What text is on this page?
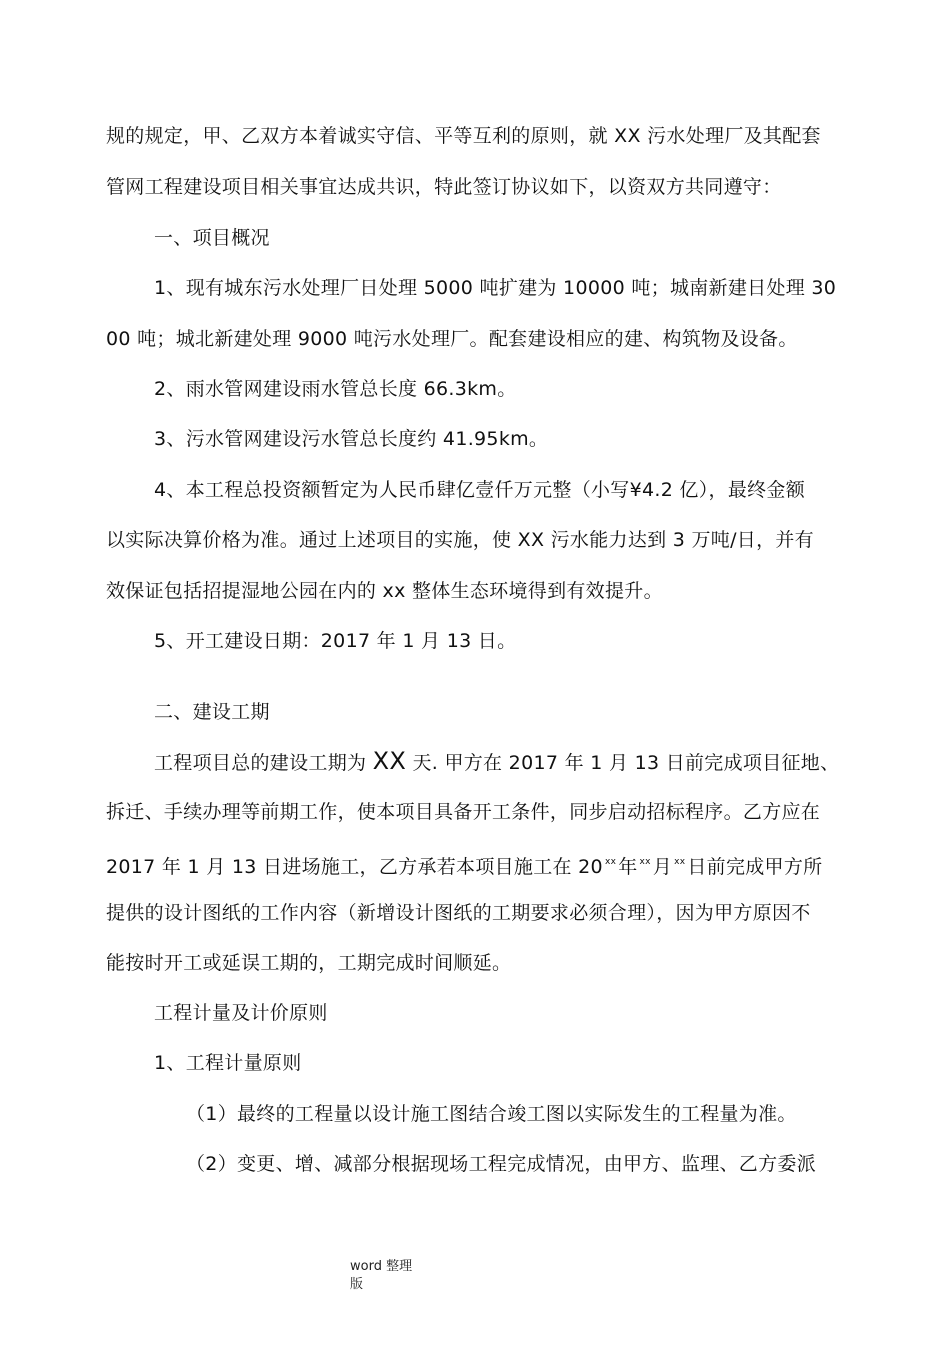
规的规定，甲、乙双方本着诚实守信、平等互利的原则，就 XX 污水处理厂及其配套
管网工程建设项目相关事宜达成共识，特此签订协议如下，以资双方共同遵守：
一、项目概况
1、现有城东污水处理厂日处理 5000 吨扩建为 10000 吨；城南新建日处理 30
00 吨；城北新建处理 9000 吨污水处理厂。配套建设相应的建、构筑物及设备。
2、雨水管网建设雨水管总长度 66.3km。
3、污水管网建设污水管总长度约 41.95km。
4、本工程总投资额暂定为人民币肆亿壹仟万元整（小写¥4.2 亿），最终金额
以实际决算价格为准。通过上述项目的实施，使 XX 污水能力达到 3 万吨/日，并有
效保证包括招提湿地公园在内的 xx 整体生态环境得到有效提升。
5、开工建设日期：2017 年 1 月 13 日。
二、建设工期
工程项目总的建设工期为 XX 天. 甲方在 2017 年 1 月 13 日前完成项目征地、
拆迁、手续办理等前期工作，使本项目具备开工条件，同步启动招标程序。乙方应在
2017 年 1 月 13 日进场施工，乙方承若本项目施工在 20 $^{xx}$ 年 $^{xx}$ 月 $^{xx}$ 日前完成甲方所
提供的设计图纸的工作内容（新增设计图纸的工期要求必须合理），因为甲方原因不
能按时开工或延误工期的，工期完成时间顺延。
工程计量及计价原则
1、工程计量原则
（1）最终的工程量以设计施工图结合竣工图以实际发生的工程量为准。
（2）变更、增、减部分根据现场工程完成情况，由甲方、监理、乙方委派
word 整理
版
